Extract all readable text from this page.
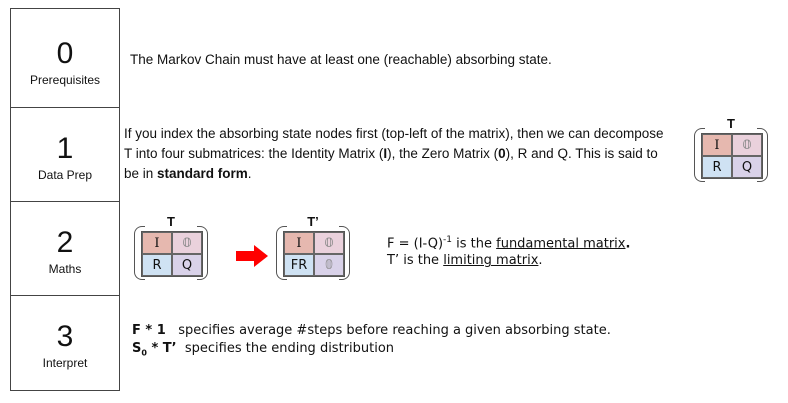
0
Prerequisites
1
Data Prep
2
Maths
3
Interpret
The Markov Chain must have at least one (reachable) absorbing state.
If you index the absorbing state nodes first (top-left of the matrix), then we can decompose T into four submatrices: the Identity Matrix (I), the Zero Matrix (0), R and Q. This is said to be in standard form.
T
I	𝟘
R	Q
T
I	𝟘
R	Q
T’
I	𝟘
FR	𝟘
$F = (I-Q)^{-1}$ is the fundamental matrix.
T’ is the limiting matrix.
F * 1 specifies average #steps before reaching a given absorbing state.
$S_0$ * T’ specifies the ending distribution
